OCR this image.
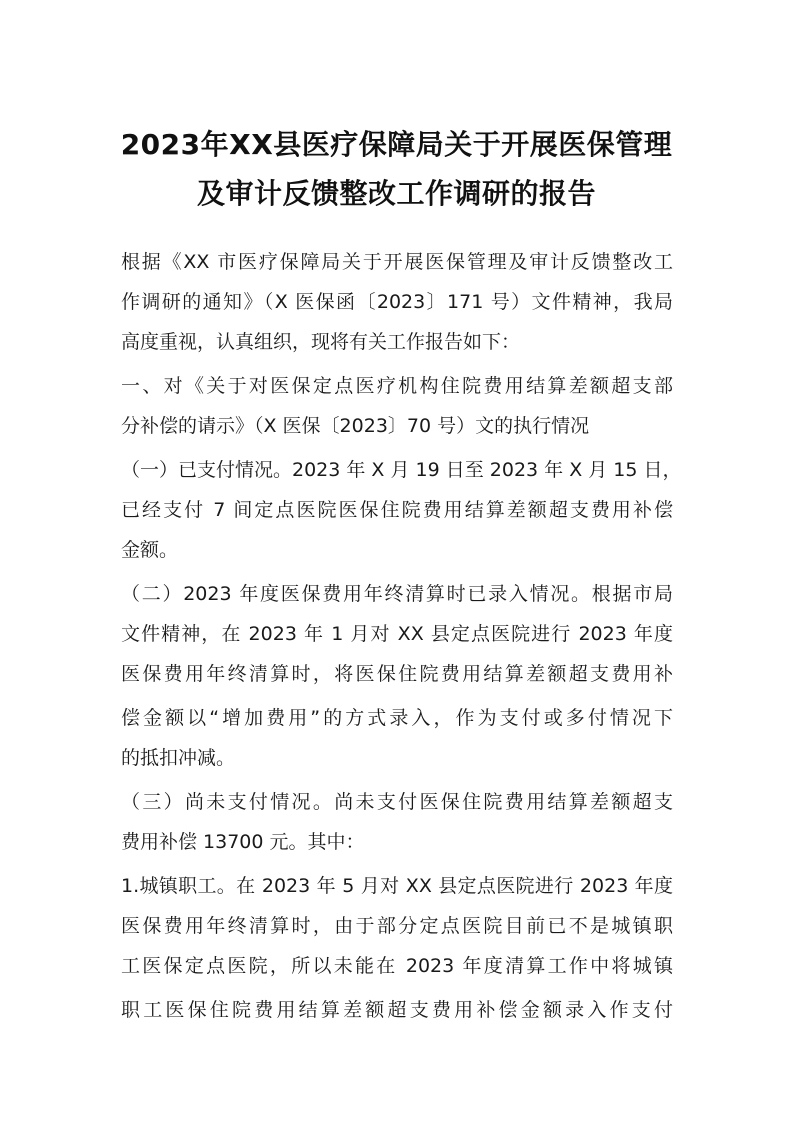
2023年XX县医疗保障局关于开展医保管理
及审计反馈整改工作调研的报告
根据《XX 市医疗保障局关于开展医保管理及审计反馈整改工
作调研的通知》（X 医保函〔2023〕171 号）文件精神，我局
高度重视，认真组织，现将有关工作报告如下：
一、对《关于对医保定点医疗机构住院费用结算差额超支部
分补偿的请示》（X 医保〔2023〕70 号）文的执行情况
（一）已支付情况。2023 年 X 月 19 日至 2023 年 X 月 15 日，
已经支付 7 间定点医院医保住院费用结算差额超支费用补偿
金额。
（二）2023 年度医保费用年终清算时已录入情况。根据市局
文件精神，在 2023 年 1 月对 XX 县定点医院进行 2023 年度
医保费用年终清算时，将医保住院费用结算差额超支费用补
偿金额以“增加费用”的方式录入，作为支付或多付情况下
的抵扣冲减。
（三）尚未支付情况。尚未支付医保住院费用结算差额超支
费用补偿 13700 元。其中：
1.城镇职工。在 2023 年 5 月对 XX 县定点医院进行 2023 年度
医保费用年终清算时，由于部分定点医院目前已不是城镇职
工医保定点医院，所以未能在 2023 年度清算工作中将城镇
职工医保住院费用结算差额超支费用补偿金额录入作支付
